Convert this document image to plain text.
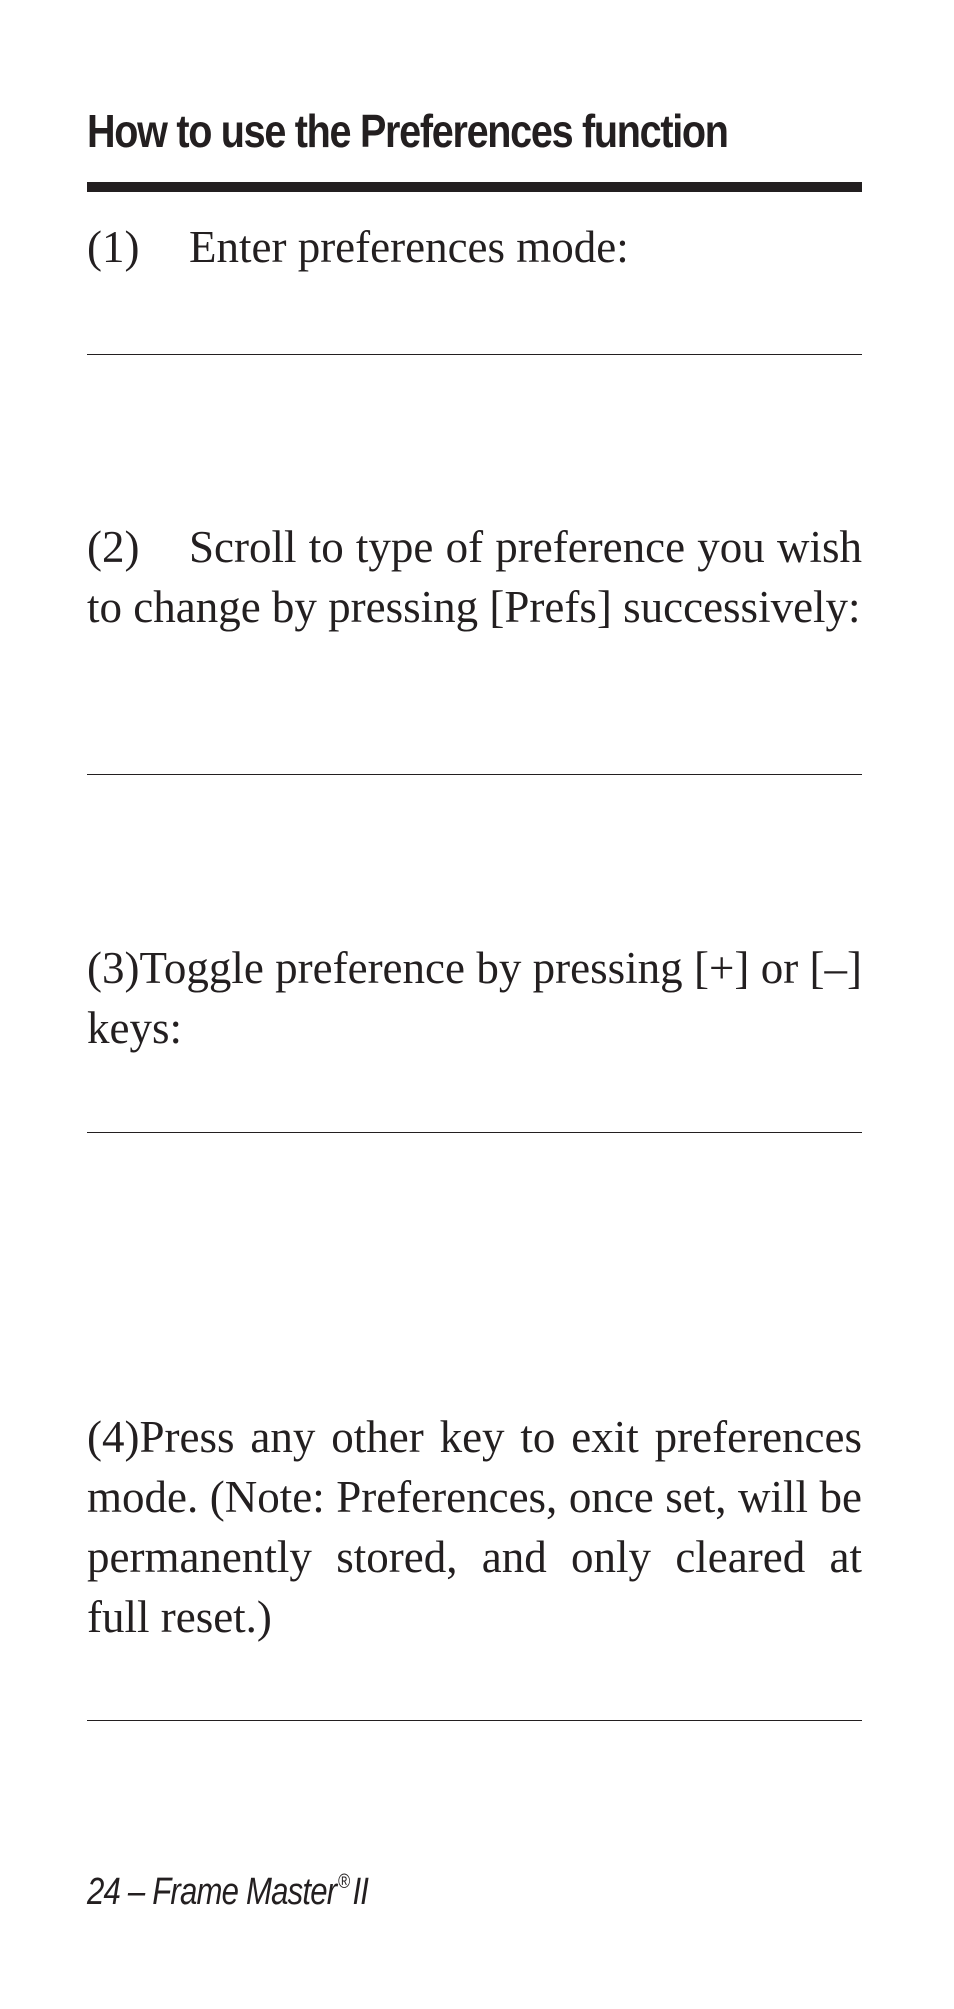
How to use the Preferences function
(1) Enter preferences mode:
(2) Scroll to type of preference you wish to change by pressing [Prefs] successively:
(3)Toggle preference by pressing [+] or [–] keys:
(4)Press any other key to exit preferences mode. (Note: Preferences, once set, will be permanently stored, and only cleared at full reset.)
24 – Frame Master®II
